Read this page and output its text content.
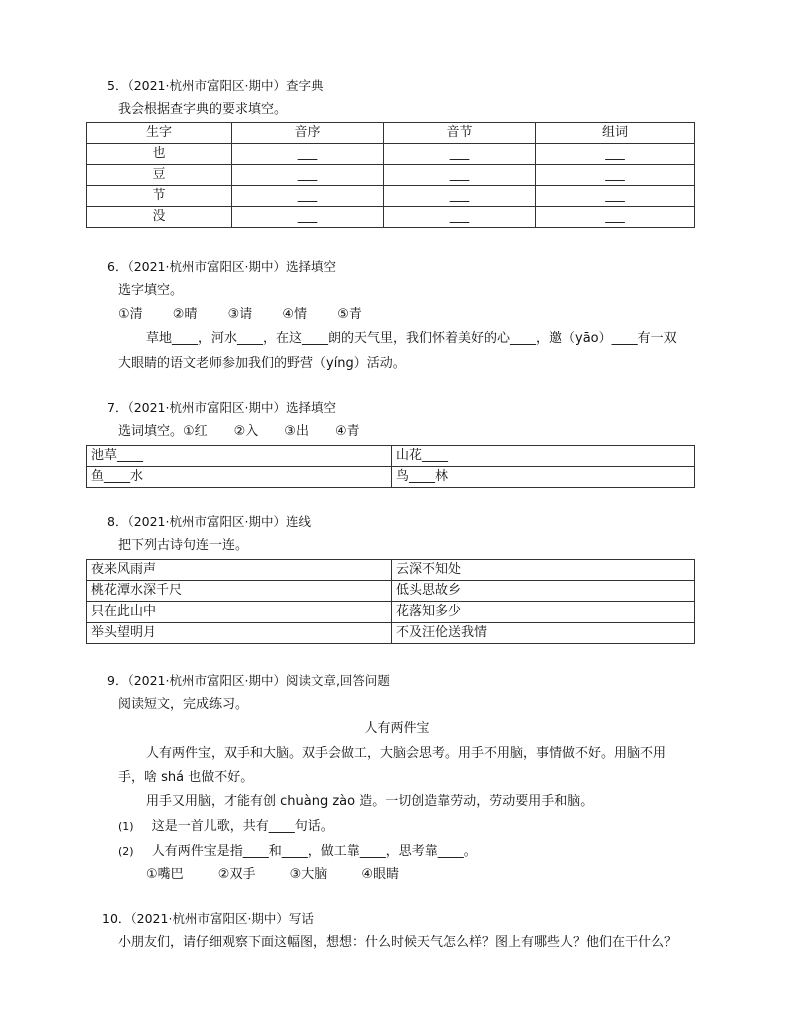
5．（2021·杭州市富阳区·期中）查字典
我会根据查字典的要求填空。
生字	音序	音节	组词
也	___	___	___
豆	___	___	___
节	___	___	___
没	___	___	___
6．（2021·杭州市富阳区·期中）选择填空
选字填空。
①清 ②晴 ③请 ④情 ⑤青
草地____，河水____，在这____朗的天气里，我们怀着美好的心____，邀（yāo）____有一双
大眼睛的语文老师参加我们的野营（yíng）活动。
7．（2021·杭州市富阳区·期中）选择填空
选词填空。①红　　②入　　③出　　④青
池草____	山花____
鱼____水	鸟____林
8．（2021·杭州市富阳区·期中）连线
把下列古诗句连一连。
夜来风雨声	云深不知处
桃花潭水深千尺	低头思故乡
只在此山中	花落知多少
举头望明月	不及汪伦送我情
9．（2021·杭州市富阳区·期中）阅读文章,回答问题
阅读短文，完成练习。
人有两件宝
人有两件宝，双手和大脑。双手会做工，大脑会思考。用手不用脑，事情做不好。用脑不用
手，啥 shá 也做不好。
用手又用脑，才能有创 chuàng zào 造。一切创造靠劳动，劳动要用手和脑。
(1) 这是一首儿歌，共有____句话。
(2) 人有两件宝是指____和____，做工靠____，思考靠____。
①嘴巴	②双手	③大脑	④眼睛
10．（2021·杭州市富阳区·期中）写话
小朋友们，请仔细观察下面这幅图，想想：什么时候天气怎么样？图上有哪些人？他们在干什么？
